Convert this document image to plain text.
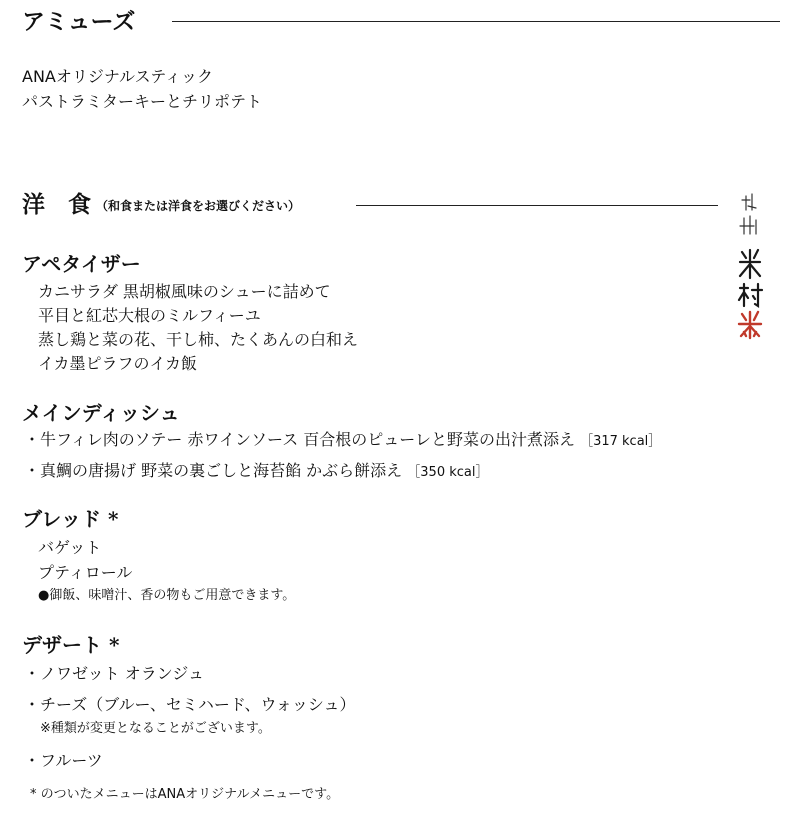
アミューズ
ANAオリジナルスティック
パストラミターキーとチリポテト
洋　食 （和食または洋食をお選びください）
アペタイザー
カニサラダ 黒胡椒風味のシューに詰めて
平目と紅芯大根のミルフィーユ
蒸し鶏と菜の花、干し柿、たくあんの白和え
イカ墨ピラフのイカ飯
メインディッシュ
・牛フィレ肉のソテー 赤ワインソース 百合根のピューレと野菜の出汁煮添え ［317 kcal］
・真鯛の唐揚げ 野菜の裏ごしと海苔餡 かぶら餅添え ［350 kcal］
ブレッド *
バゲット
プティロール
●御飯、味噌汁、香の物もご用意できます。
デザート *
・ノワゼット オランジュ
・チーズ（ブルー、セミハード、ウォッシュ）
※種類が変更となることがございます。
・フルーツ
* のついたメニューはANAオリジナルメニューです。
